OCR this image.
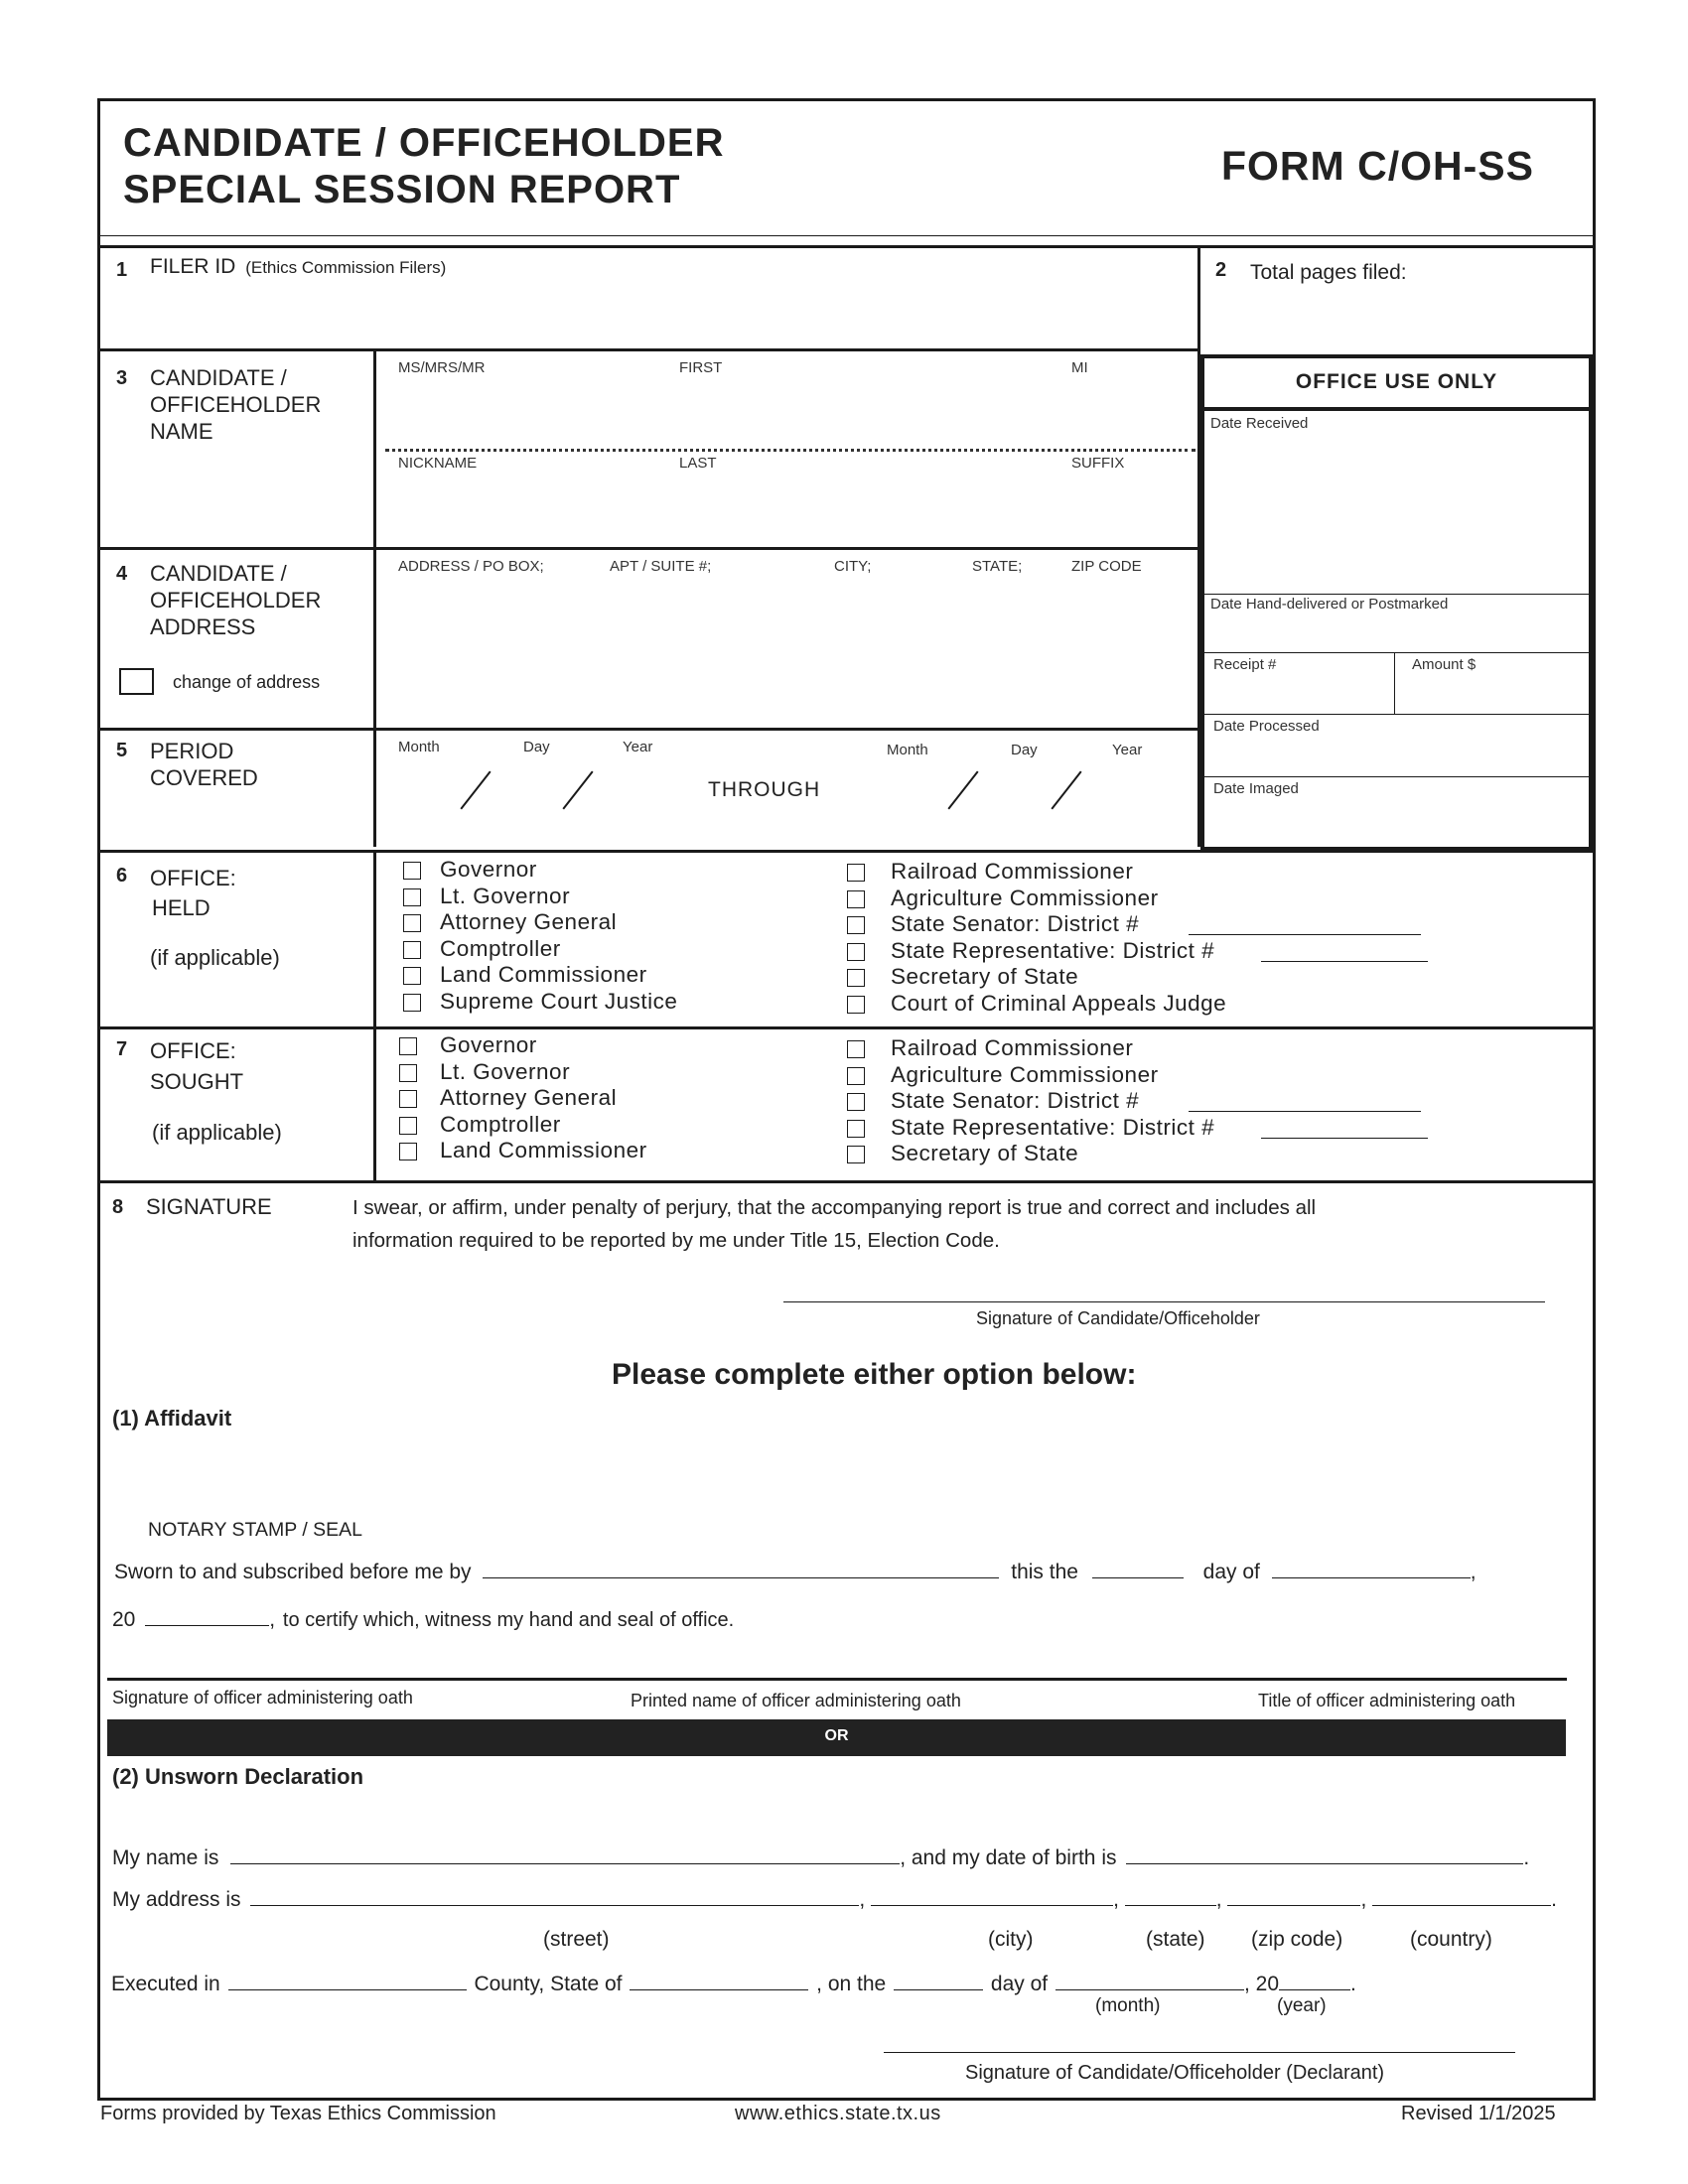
CANDIDATE / OFFICEHOLDER
SPECIAL SESSION REPORT
FORM C/OH-SS
1 FILER ID (Ethics Commission Filers)	2 Total pages filed:
3 CANDIDATE /
OFFICEHOLDER
NAME
MS/MRS/MR	FIRST	MI
NICKNAME	LAST	SUFFIX
OFFICE USE ONLY
Date Received
Date Hand-delivered or Postmarked
Receipt #	Amount $
Date Processed
Date Imaged
4 CANDIDATE /
OFFICEHOLDER
ADDRESS
change of address
ADDRESS / PO BOX;	APT / SUITE #;	CITY;	STATE;	ZIP CODE
5 PERIOD
COVERED
Month	Day	Year
THROUGH
Month	Day	Year
6 OFFICE:
HELD
(if applicable)
Governor
Lt. Governor
Attorney General
Comptroller
Land Commissioner
Supreme Court Justice
Railroad Commissioner
Agriculture Commissioner
State Senator: District #
State Representative: District #
Secretary of State
Court of Criminal Appeals Judge
7 OFFICE:
SOUGHT
(if applicable)
Governor
Lt. Governor
Attorney General
Comptroller
Land Commissioner
Railroad Commissioner
Agriculture Commissioner
State Senator: District #
State Representative: District #
Secretary of State
8 SIGNATURE	I swear, or affirm, under penalty of perjury, that the accompanying report is true and correct and includes all
information required to be reported by me under Title 15, Election Code.
Signature of Candidate/Officeholder
Please complete either option below:
(1) Affidavit
NOTARY STAMP / SEAL
Sworn to and subscribed before me by	this the	day of	,
20	, to certify which, witness my hand and seal of office.
Signature of officer administering oath	Printed name of officer administering oath	Title of officer administering oath
OR
(2) Unsworn Declaration
My name is	, and my date of birth is	.
My address is	,	,	,	,	.
(street)	(city)	(state) (zip code)	(country)
Executed in	County, State of	, on the	day of	, 20	.
(month)	(year)
Signature of Candidate/Officeholder (Declarant)
Forms provided by Texas Ethics Commission	www.ethics.state.tx.us	Revised 1/1/2025
